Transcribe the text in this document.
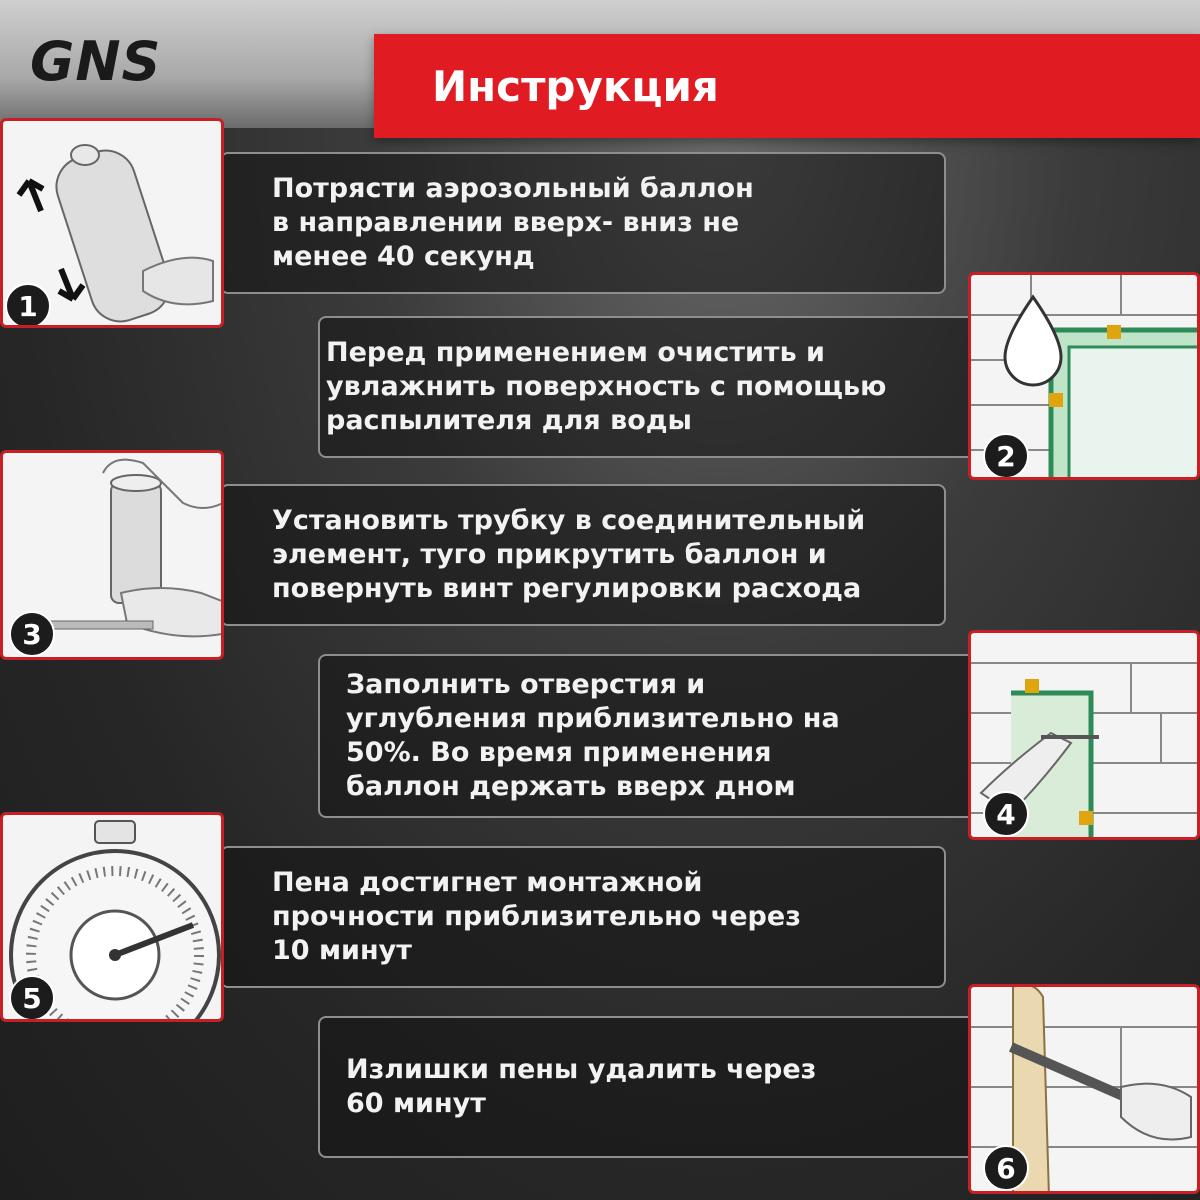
GNS	Инструкция
Потрясти аэрозольный баллон
в направлении вверх- вниз не
менее 40 секунд
1
Перед применением очистить и
увлажнить поверхность с помощью
распылителя для воды
2
Установить трубку в соединительный
элемент, туго прикрутить баллон и
повернуть винт регулировки расхода
3
Заполнить отверстия и
углубления приблизительно на
50%. Во время применения
баллон держать вверх дном
4
Пена достигнет монтажной
прочности приблизительно через
10 минут
5
Излишки пены удалить через
60 минут
6
